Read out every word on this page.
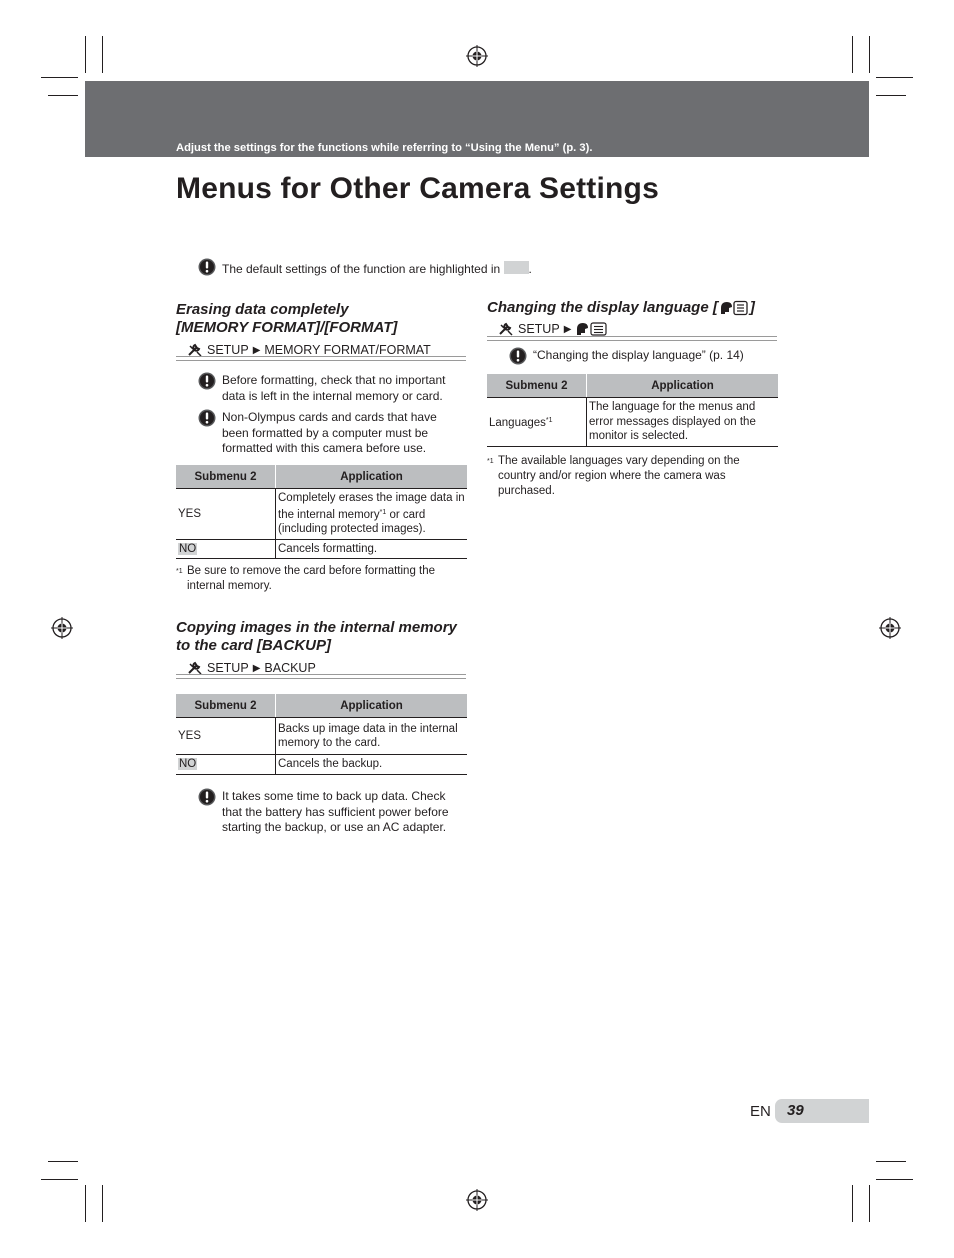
Adjust the settings for the functions while referring to “Using the Menu” (p. 3).
Menus for Other Camera Settings
The default settings of the function are highlighted in .
Erasing data completely
[MEMORY FORMAT]/[FORMAT]
SETUP ▶ MEMORY FORMAT/FORMAT
Before formatting, check that no important data is left in the internal memory or card.
Non-Olympus cards and cards that have been formatted by a computer must be formatted with this camera before use.
Submenu 2	Application
YES	Completely erases the image data in the internal memory$^{*1}$ or card (including protected images).
NO	Cancels formatting.
*1 Be sure to remove the card before formatting the internal memory.
Copying images in the internal memory
to the card [BACKUP]
SETUP ▶ BACKUP
Submenu 2	Application
YES	Backs up image data in the internal memory to the card.
NO	Cancels the backup.
It takes some time to back up data. Check that the battery has sufficient power before starting the backup, or use an AC adapter.
Changing the display language [ ]
SETUP ▶
“Changing the display language” (p. 14)
Submenu 2	Application
Languages$^{*1}$	The language for the menus and error messages displayed on the monitor is selected.
*1 The available languages vary depending on the country and/or region where the camera was purchased.
EN 39
